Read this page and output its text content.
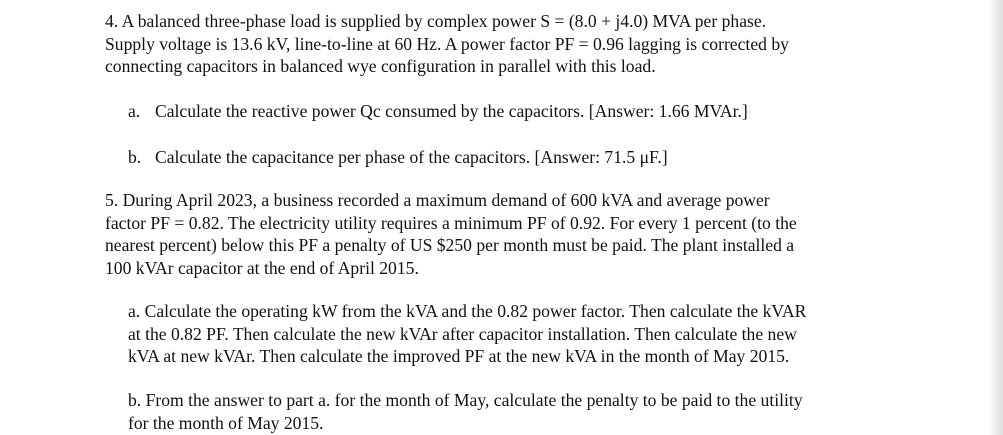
4. A balanced three-phase load is supplied by complex power S = (8.0 + j4.0) MVA per phase.
Supply voltage is 13.6 kV, line-to-line at 60 Hz. A power factor PF = 0.96 lagging is corrected by
connecting capacitors in balanced wye configuration in parallel with this load.
a. Calculate the reactive power Qc consumed by the capacitors. [Answer: 1.66 MVAr.]
b. Calculate the capacitance per phase of the capacitors. [Answer: 71.5 μF.]
5. During April 2023, a business recorded a maximum demand of 600 kVA and average power
factor PF = 0.82. The electricity utility requires a minimum PF of 0.92. For every 1 percent (to the
nearest percent) below this PF a penalty of US $250 per month must be paid. The plant installed a
100 kVAr capacitor at the end of April 2015.
a. Calculate the operating kW from the kVA and the 0.82 power factor. Then calculate the kVAR
at the 0.82 PF. Then calculate the new kVAr after capacitor installation. Then calculate the new
kVA at new kVAr. Then calculate the improved PF at the new kVA in the month of May 2015.
b. From the answer to part a. for the month of May, calculate the penalty to be paid to the utility
for the month of May 2015.
